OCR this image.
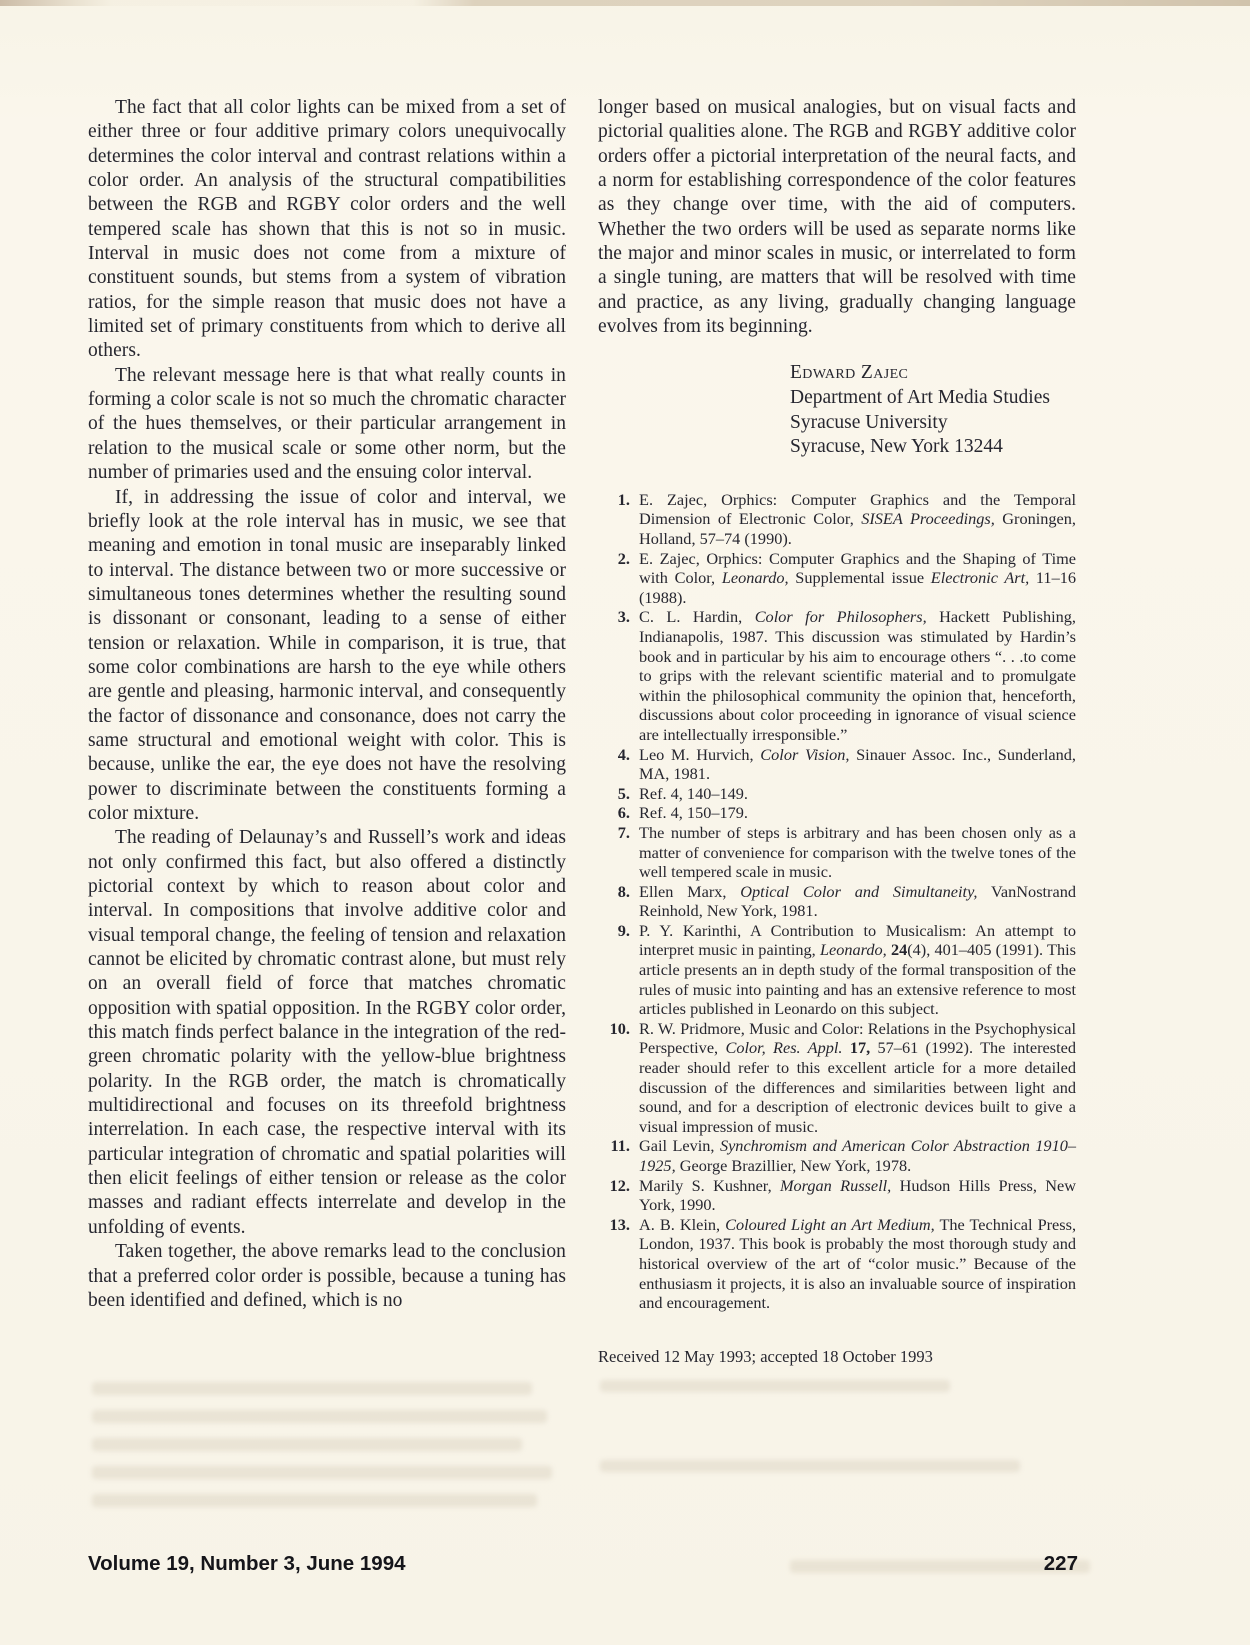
The fact that all color lights can be mixed from a set of either three or four additive primary colors unequivocally determines the color interval and contrast relations within a color order. An analysis of the structural compatibilities between the RGB and RGBY color orders and the well tempered scale has shown that this is not so in music. Interval in music does not come from a mixture of constituent sounds, but stems from a system of vibration ratios, for the simple reason that music does not have a limited set of primary constituents from which to derive all others.

The relevant message here is that what really counts in forming a color scale is not so much the chromatic character of the hues themselves, or their particular arrangement in relation to the musical scale or some other norm, but the number of primaries used and the ensuing color interval.

If, in addressing the issue of color and interval, we briefly look at the role interval has in music, we see that meaning and emotion in tonal music are inseparably linked to interval. The distance between two or more successive or simultaneous tones determines whether the resulting sound is dissonant or consonant, leading to a sense of either tension or relaxation. While in comparison, it is true, that some color combinations are harsh to the eye while others are gentle and pleasing, harmonic interval, and consequently the factor of dissonance and consonance, does not carry the same structural and emotional weight with color. This is because, unlike the ear, the eye does not have the resolving power to discriminate between the constituents forming a color mixture.

The reading of Delaunay’s and Russell’s work and ideas not only confirmed this fact, but also offered a distinctly pictorial context by which to reason about color and interval. In compositions that involve additive color and visual temporal change, the feeling of tension and relaxation cannot be elicited by chromatic contrast alone, but must rely on an overall field of force that matches chromatic opposition with spatial opposition. In the RGBY color order, this match finds perfect balance in the integration of the red-green chromatic polarity with the yellow-blue brightness polarity. In the RGB order, the match is chromatically multidirectional and focuses on its threefold brightness interrelation. In each case, the respective interval with its particular integration of chromatic and spatial polarities will then elicit feelings of either tension or release as the color masses and radiant effects interrelate and develop in the unfolding of events.

Taken together, the above remarks lead to the conclusion that a preferred color order is possible, because a tuning has been identified and defined, which is no

longer based on musical analogies, but on visual facts and pictorial qualities alone. The RGB and RGBY additive color orders offer a pictorial interpretation of the neural facts, and a norm for establishing correspondence of the color features as they change over time, with the aid of computers. Whether the two orders will be used as separate norms like the major and minor scales in music, or interrelated to form a single tuning, are matters that will be resolved with time and practice, as any living, gradually changing language evolves from its beginning.

Edward Zajec
Department of Art Media Studies
Syracuse University
Syracuse, New York 13244
1. E. Zajec, Orphics: Computer Graphics and the Temporal Dimension of Electronic Color, SISEA Proceedings, Groningen, Holland, 57–74 (1990).
2. E. Zajec, Orphics: Computer Graphics and the Shaping of Time with Color, Leonardo, Supplemental issue Electronic Art, 11–16 (1988).
3. C. L. Hardin, Color for Philosophers, Hackett Publishing, Indianapolis, 1987. This discussion was stimulated by Hardin’s book and in particular by his aim to encourage others “. . .to come to grips with the relevant scientific material and to promulgate within the philosophical community the opinion that, henceforth, discussions about color proceeding in ignorance of visual science are intellectually irresponsible.”
4. Leo M. Hurvich, Color Vision, Sinauer Assoc. Inc., Sunderland, MA, 1981.
5. Ref. 4, 140–149.
6. Ref. 4, 150–179.
7. The number of steps is arbitrary and has been chosen only as a matter of convenience for comparison with the twelve tones of the well tempered scale in music.
8. Ellen Marx, Optical Color and Simultaneity, VanNostrand Reinhold, New York, 1981.
9. P. Y. Karinthi, A Contribution to Musicalism: An attempt to interpret music in painting, Leonardo, 24(4), 401–405 (1991). This article presents an in depth study of the formal transposition of the rules of music into painting and has an extensive reference to most articles published in Leonardo on this subject.
10. R. W. Pridmore, Music and Color: Relations in the Psychophysical Perspective, Color, Res. Appl. 17, 57–61 (1992). The interested reader should refer to this excellent article for a more detailed discussion of the differences and similarities between light and sound, and for a description of electronic devices built to give a visual impression of music.
11. Gail Levin, Synchromism and American Color Abstraction 1910–1925, George Brazillier, New York, 1978.
12. Marily S. Kushner, Morgan Russell, Hudson Hills Press, New York, 1990.
13. A. B. Klein, Coloured Light an Art Medium, The Technical Press, London, 1937. This book is probably the most thorough study and historical overview of the art of “color music.” Because of the enthusiasm it projects, it is also an invaluable source of inspiration and encouragement.
Received 12 May 1993; accepted 18 October 1993
Volume 19, Number 3, June 1994	227
